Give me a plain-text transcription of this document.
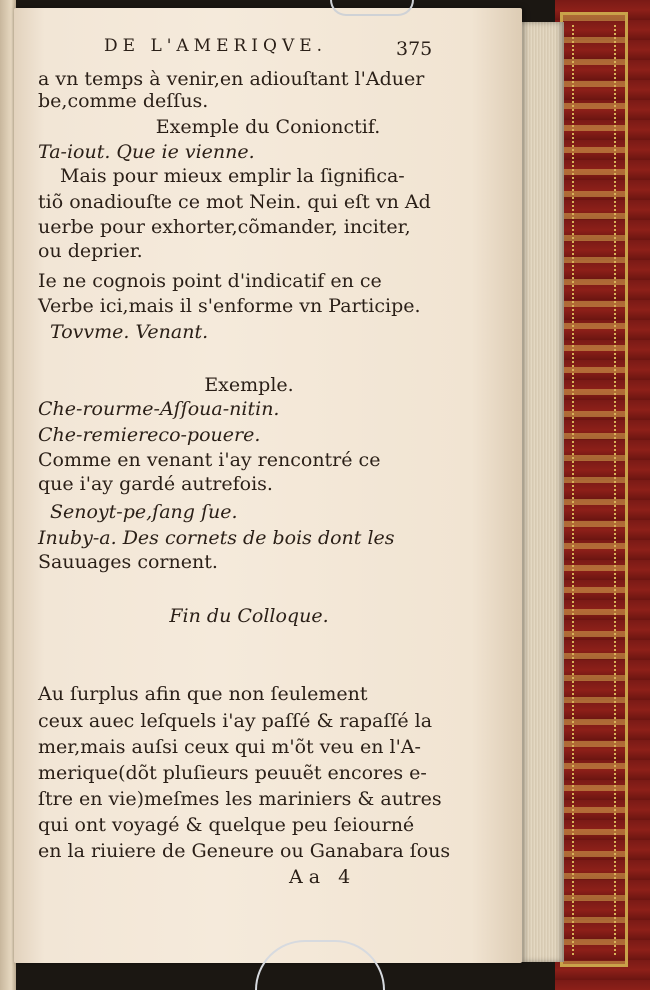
DE L'AMERIQVE.	375
a vn temps à venir,en adiouſtant l'Aduer
be,comme deſſus.
Exemple du Conionctif.
Ta-iout. Que ie vienne.
Mais pour mieux emplir la ſignifica-
tiõ onadiouſte ce mot Nein. qui eſt vn Ad
uerbe pour exhorter,cõmander, inciter,
ou deprier.
Ie ne cognois point d'indicatif en ce
Verbe ici,mais il s'enforme vn Participe.
Tovvme. Venant.
Exemple.
Che-rourme-Aſſoua-nitin.
Che-remiereco-pouere.
Comme en venant i'ay rencontré ce
que i'ay gardé autrefois.
Senoyt-pe,ſang ſue.
Inuby-a. Des cornets de bois dont les
Sauuages cornent.
Fin du Colloque.
Au ſurplus afin que non ſeulement
ceux auec leſquels i'ay paſſé & rapaſſé la
mer,mais auſsi ceux qui m'õt veu en l'A-
merique(dõt pluſieurs peuuẽt encores e-
ſtre en vie)meſmes les mariniers & autres
qui ont voyagé & quelque peu ſeiourné
en la riuiere de Geneure ou Ganabara ſous
Aa 4
